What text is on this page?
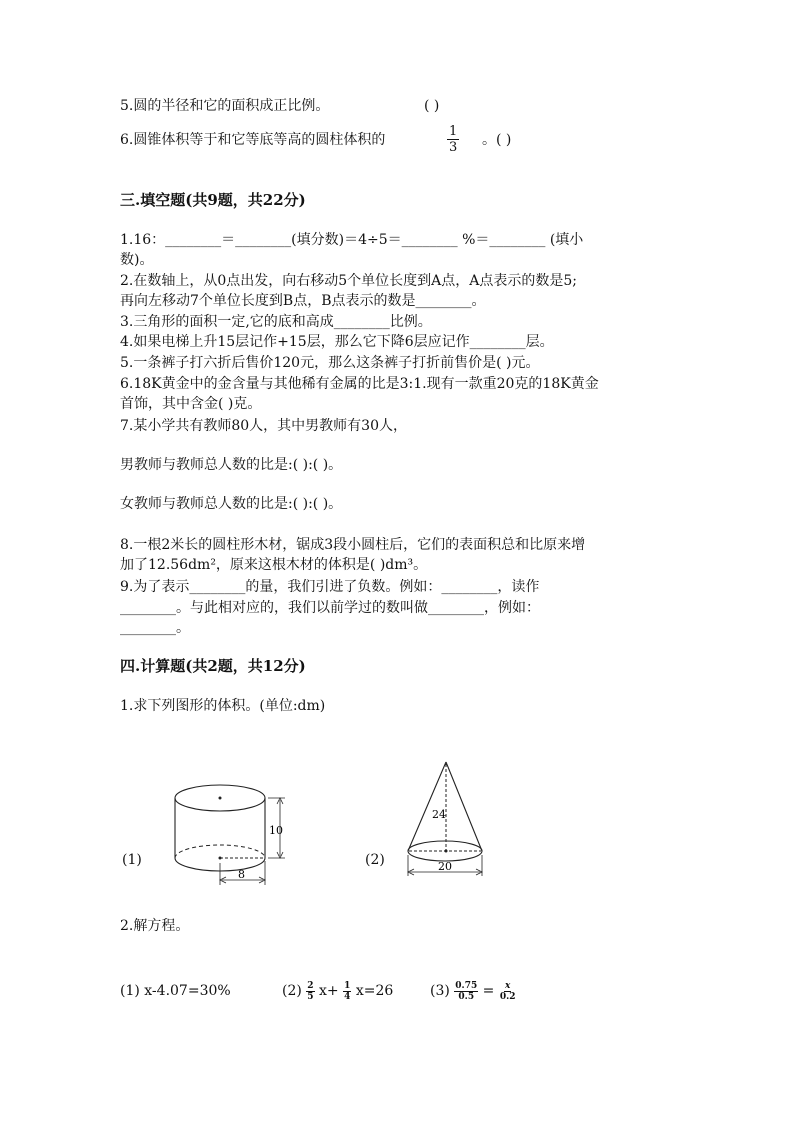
5.圆的半径和它的面积成正比例。	( )
6.圆锥体积等于和它等底等高的圆柱体积的	$\frac{1}{3}$ 。( )
三.填空题(共9题，共22分)
1.16：________＝________(填分数)＝4÷5＝________ %＝________ (填小
数)。
2.在数轴上，从0点出发，向右移动5个单位长度到A点，A点表示的数是5;
再向左移动7个单位长度到B点，B点表示的数是________。
3.三角形的面积一定,它的底和高成________比例。
4.如果电梯上升15层记作+15层，那么它下降6层应记作________层。
5.一条裤子打六折后售价120元，那么这条裤子打折前售价是( )元。
6.18K黄金中的金含量与其他稀有金属的比是3:1.现有一款重20克的18K黄金
首饰，其中含金( )克。
7.某小学共有教师80人，其中男教师有30人，
男教师与教师总人数的比是:( ):( )。
女教师与教师总人数的比是:( ):( )。
8.一根2米长的圆柱形木材，锯成3段小圆柱后，它们的表面积总和比原来增
加了12.56dm²，原来这根木材的体积是( )dm³。
9.为了表示________的量，我们引进了负数。例如：________，读作
________。与此相对应的，我们以前学过的数叫做________，例如：
________。
四.计算题(共2题，共12分)
1.求下列图形的体积。(单位:dm)
10
8
24
20
(1)	(2)
2.解方程。
(1) x-4.07=30%	$(2) \frac{2}{5} x+ \frac{1}{4} x=26$	$(3) \frac{0.75}{0.5} = \frac{x}{0.2}$
